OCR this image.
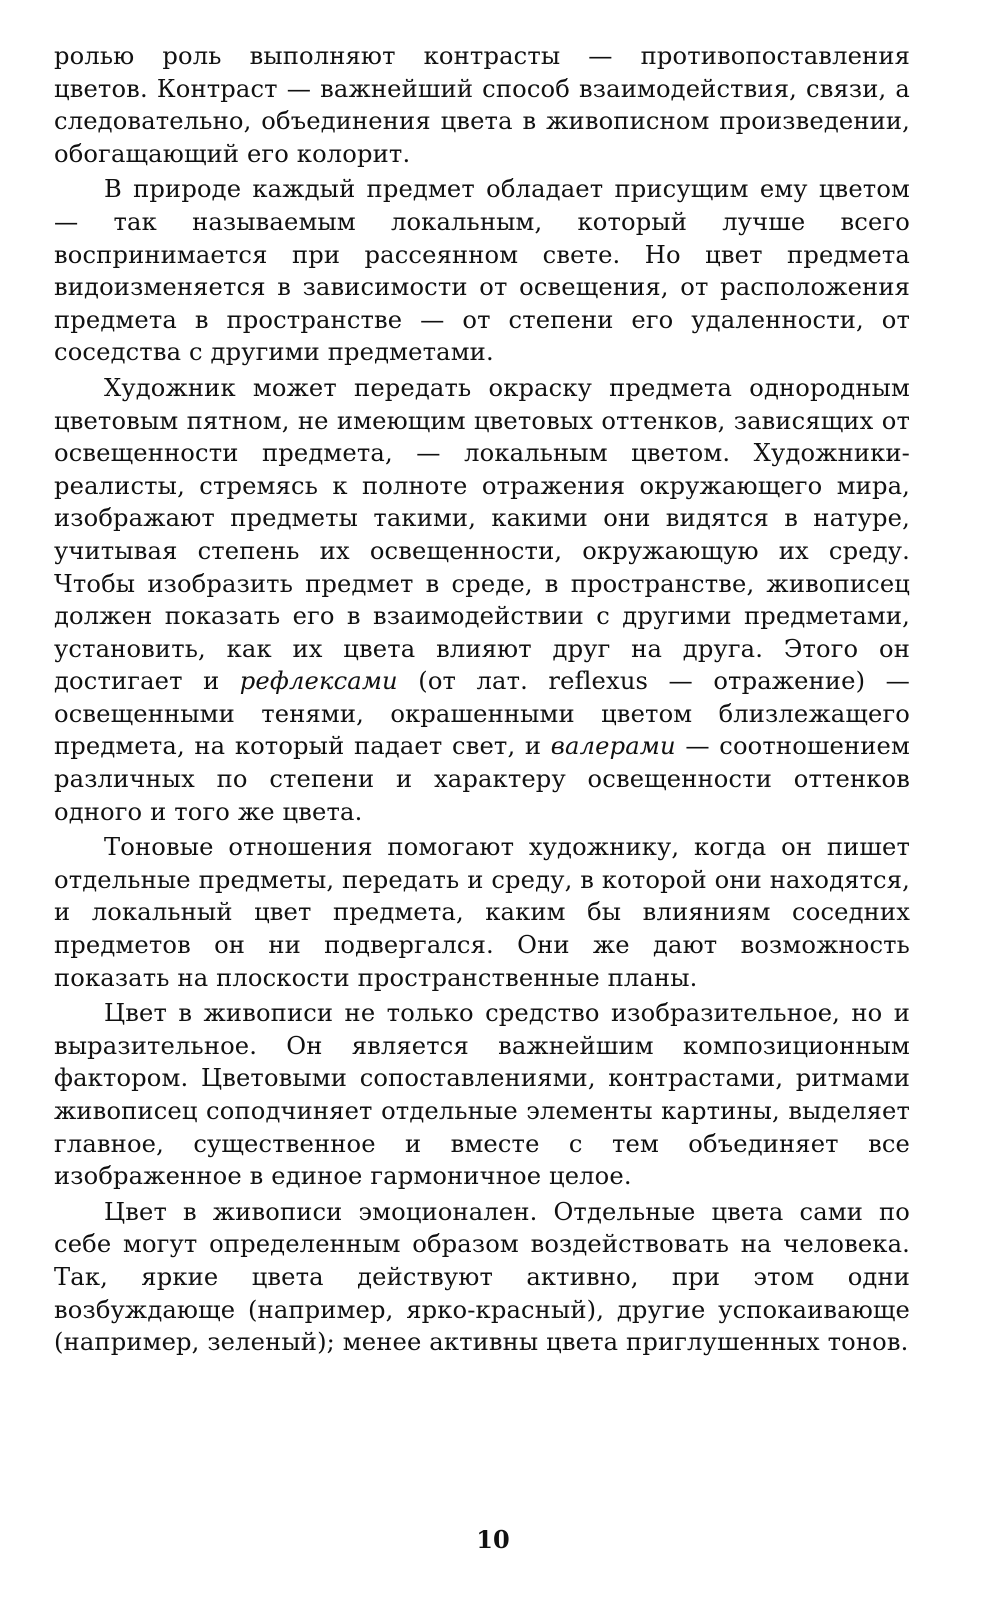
ролью роль выполняют контрасты — противопоставления цветов. Контраст — важнейший способ взаимодействия, связи, а следовательно, объединения цвета в живописном произведении, обогащающий его колорит.

В природе каждый предмет обладает присущим ему цветом — так называемым локальным, который лучше всего воспринимается при рассеянном свете. Но цвет предмета видоизменяется в зависимости от освещения, от расположения предмета в пространстве — от степени его удаленности, от соседства с другими предметами.

Художник может передать окраску предмета однородным цветовым пятном, не имеющим цветовых оттенков, зависящих от освещенности предмета, — локальным цветом. Художники-реалисты, стремясь к полноте отражения окружающего мира, изображают предметы такими, какими они видятся в натуре, учитывая степень их освещенности, окружающую их среду. Чтобы изобразить предмет в среде, в пространстве, живописец должен показать его в взаимодействии с другими предметами, установить, как их цвета влияют друг на друга. Этого он достигает и рефлексами (от лат. reflexus — отражение) — освещенными тенями, окрашенными цветом близлежащего предмета, на который падает свет, и валерами — соотношением различных по степени и характеру освещенности оттенков одного и того же цвета.

Тоновые отношения помогают художнику, когда он пишет отдельные предметы, передать и среду, в которой они находятся, и локальный цвет предмета, каким бы влияниям соседних предметов он ни подвергался. Они же дают возможность показать на плоскости пространственные планы.

Цвет в живописи не только средство изобразительное, но и выразительное. Он является важнейшим композиционным фактором. Цветовыми сопоставлениями, контрастами, ритмами живописец соподчиняет отдельные элементы картины, выделяет главное, существенное и вместе с тем объединяет все изображенное в единое гармоничное целое.

Цвет в живописи эмоционален. Отдельные цвета сами по себе могут определенным образом воздействовать на человека. Так, яркие цвета действуют активно, при этом одни возбуждающе (например, ярко-красный), другие успокаивающе (например, зеленый); менее активны цвета приглушенных тонов.

10
